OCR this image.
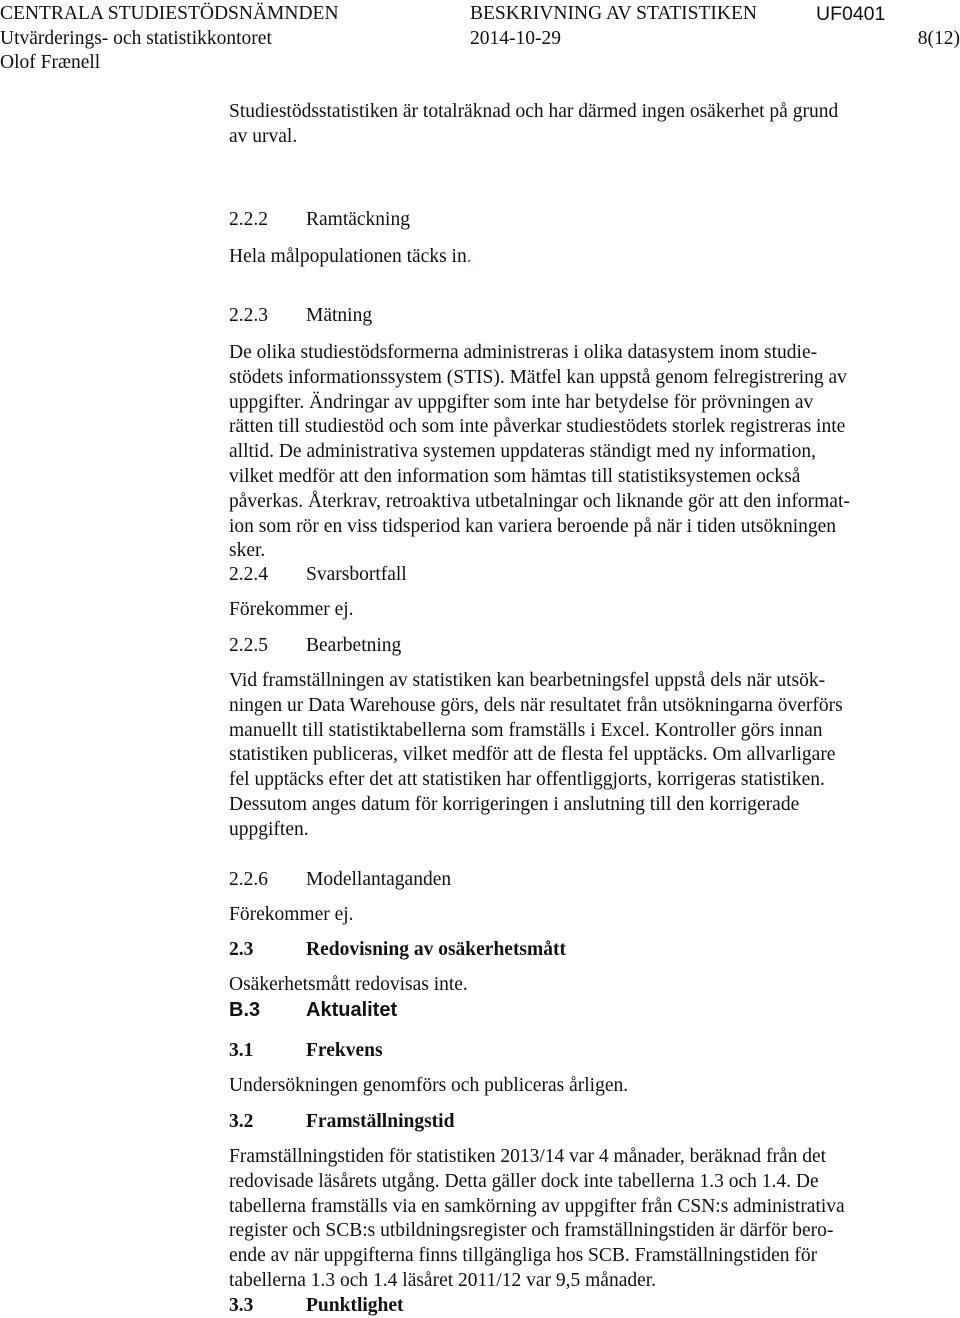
CENTRALA STUDIESTÖDSNÄMNDEN	BESKRIVNING AV STATISTIKEN	UF0401
Utvärderings- och statistikkontoret	2014-10-29	8(12)
Olof Frænell
Studiestödsstatistiken är totalräknad och har därmed ingen osäkerhet på grund
av urval.
2.2.2 Ramtäckning
Hela målpopulationen täcks in.
2.2.3 Mätning
De olika studiestödsformerna administreras i olika datasystem inom studie-
stödets informationssystem (STIS). Mätfel kan uppstå genom felregistrering av
uppgifter. Ändringar av uppgifter som inte har betydelse för prövningen av
rätten till studiestöd och som inte påverkar studiestödets storlek registreras inte
alltid. De administrativa systemen uppdateras ständigt med ny information,
vilket medför att den information som hämtas till statistiksystemen också
påverkas. Återkrav, retroaktiva utbetalningar och liknande gör att den informat-
ion som rör en viss tidsperiod kan variera beroende på när i tiden utsökningen
sker.
2.2.4 Svarsbortfall
Förekommer ej.
2.2.5 Bearbetning
Vid framställningen av statistiken kan bearbetningsfel uppstå dels när utsök-
ningen ur Data Warehouse görs, dels när resultatet från utsökningarna överförs
manuellt till statistiktabellerna som framställs i Excel. Kontroller görs innan
statistiken publiceras, vilket medför att de flesta fel upptäcks. Om allvarligare
fel upptäcks efter det att statistiken har offentliggjorts, korrigeras statistiken.
Dessutom anges datum för korrigeringen i anslutning till den korrigerade
uppgiften.
2.2.6 Modellantaganden
Förekommer ej.
2.3	Redovisning av osäkerhetsmått
Osäkerhetsmått redovisas inte.
B.3 Aktualitet
3.1	Frekvens
Undersökningen genomförs och publiceras årligen.
3.2	Framställningstid
Framställningstiden för statistiken 2013/14 var 4 månader, beräknad från det
redovisade läsårets utgång. Detta gäller dock inte tabellerna 1.3 och 1.4. De
tabellerna framställs via en samkörning av uppgifter från CSN:s administrativa
register och SCB:s utbildningsregister och framställningstiden är därför bero-
ende av när uppgifterna finns tillgängliga hos SCB. Framställningstiden för
tabellerna 1.3 och 1.4 läsåret 2011/12 var 9,5 månader.
3.3	Punktlighet
